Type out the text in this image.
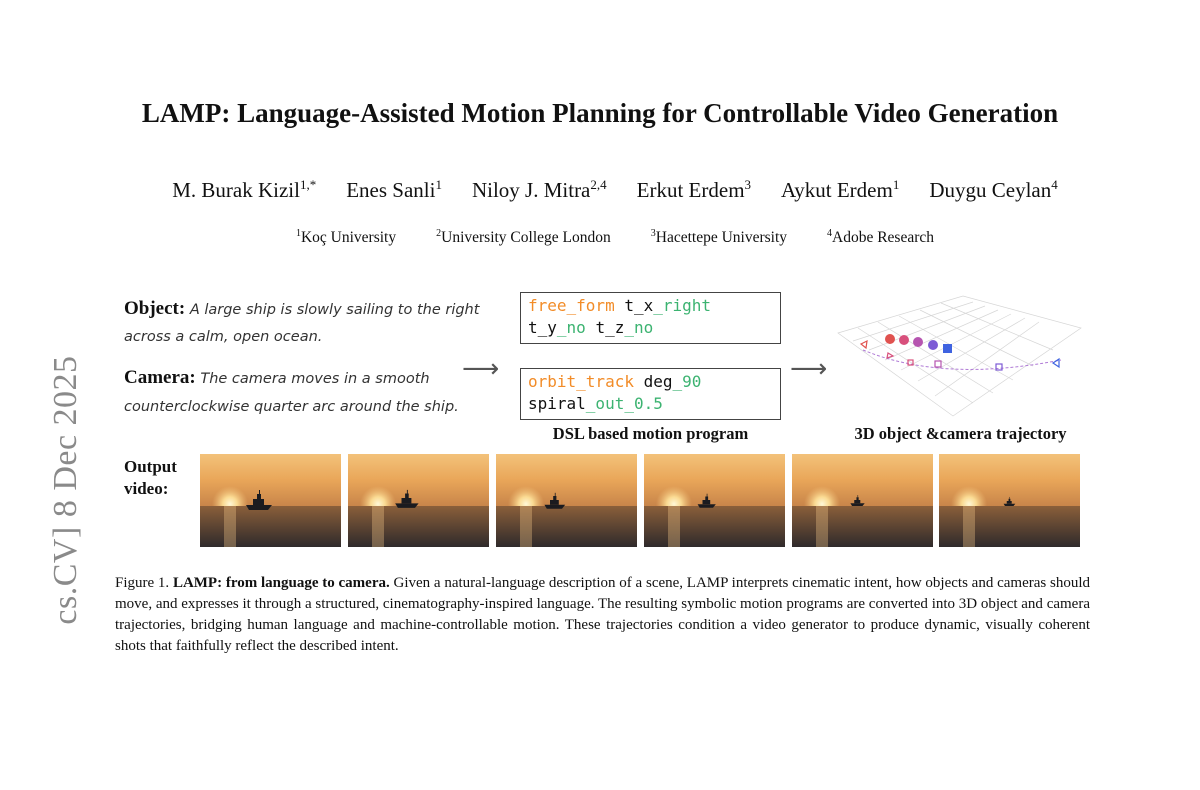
cs.CV] 8 Dec 2025
LAMP: Language-Assisted Motion Planning for Controllable Video Generation
M. Burak Kizil$^{1,*}$ Enes Sanli$^1$ Niloy J. Mitra$^{2,4}$ Erkut Erdem$^3$ Aykut Erdem$^1$ Duygu Ceylan$^4$
$^1$Koç University	$^2$University College London	$^3$Hacettepe University	$^4$Adobe Research
Object: A large ship is slowly sailing to the right across a calm, open ocean.
Camera: The camera moves in a smooth counterclockwise quarter arc around the ship.
⟶	⟶
free_form t_x_right
t_y_no t_z_no
orbit_track deg_90
spiral_out_0.5
DSL based motion program	3D object &camera trajectory
Output
video:
Figure 1. LAMP: from language to camera. Given a natural-language description of a scene, LAMP interprets cinematic intent, how objects and cameras should move, and expresses it through a structured, cinematography-inspired language. The resulting symbolic motion programs are converted into 3D object and camera trajectories, bridging human language and machine-controllable motion. These trajectories condition a video generator to produce dynamic, visually coherent shots that faithfully reflect the described intent.
